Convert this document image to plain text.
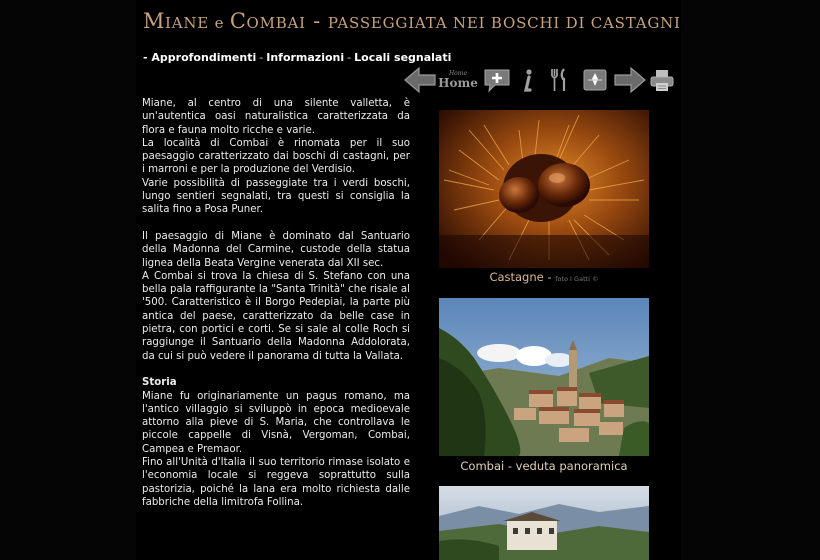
MIANE e COMBAI - PASSEGGIATA NEI BOSCHI DI CASTAGNI
- Approfondimenti - Informazioni - Locali segnalati
Home
Home

Miane, al centro di una silente valletta, è un'autentica oasi naturalistica caratterizzata da flora e fauna molto ricche e varie.

La località di Combai è rinomata per il suo paesaggio caratterizzato dai boschi di castagni, per i marroni e per la produzione del Verdisio.

Varie possibilità di passeggiate tra i verdi boschi, lungo sentieri segnalati, tra questi si consiglia la salita fino a Posa Puner.

Il paesaggio di Miane è dominato dal Santuario della Madonna del Carmine, custode della statua lignea della Beata Vergine venerata dal XII sec.

A Combai si trova la chiesa di S. Stefano con una bella pala raffigurante la "Santa Trinità" che risale al '500. Caratteristico è il Borgo Pedepiai, la parte più antica del paese, caratterizzato da belle case in pietra, con portici e corti. Se si sale al colle Roch si raggiunge il Santuario della Madonna Addolorata, da cui si può vedere il panorama di tutta la Vallata.

Storia

Miane fu originariamente un pagus romano, ma l'antico villaggio si sviluppò in epoca medioevale attorno alla pieve di S. Maria, che controllava le piccole cappelle di Visnà, Vergoman, Combai, Campea e Premaor.

Fino all'Unità d'Italia il suo territorio rimase isolato e l'economia locale si reggeva soprattutto sulla pastorizia, poiché la lana era molto richiesta dalle fabbriche della limitrofa Follina.

Castagne - foto I Gatti ©
Combai - veduta panoramica
